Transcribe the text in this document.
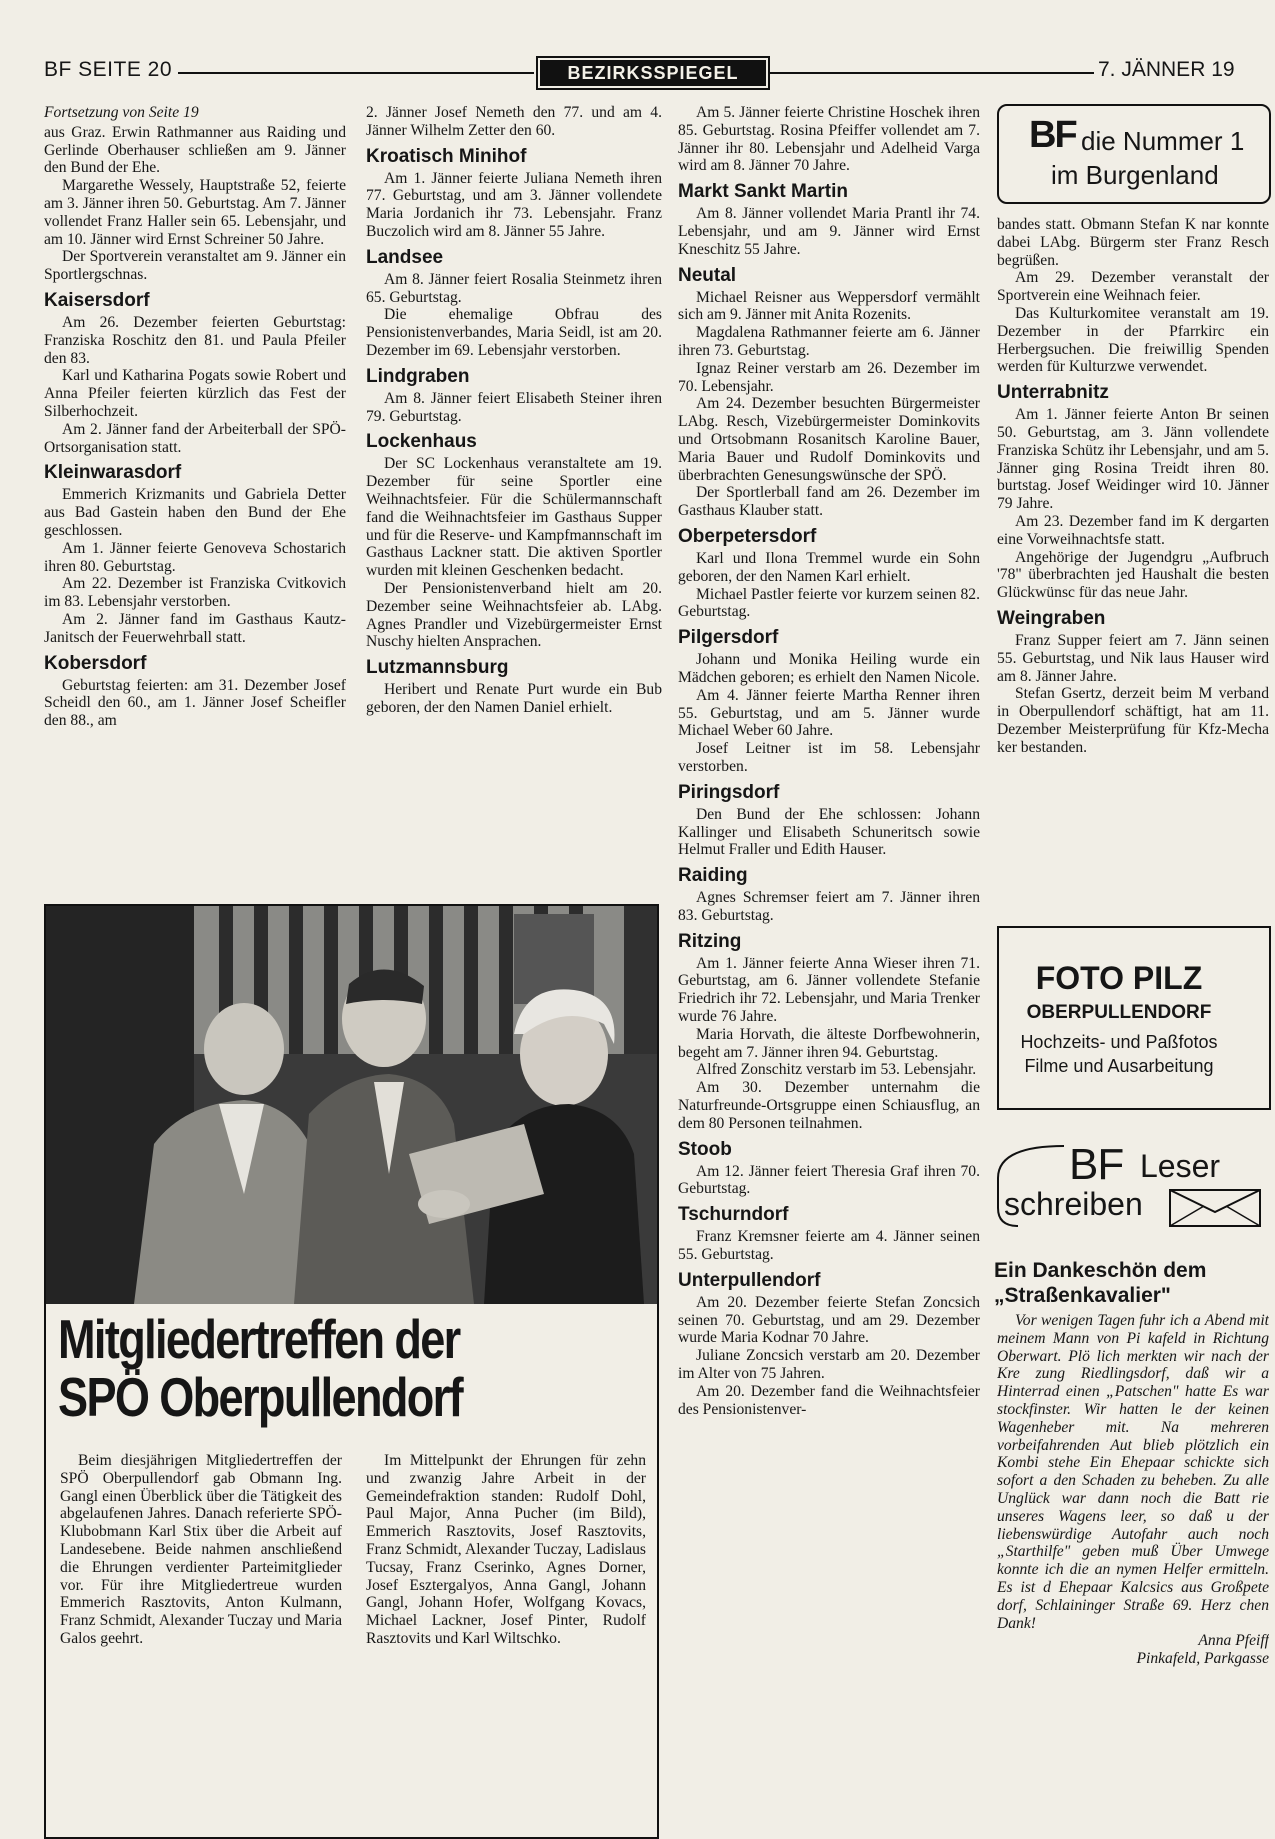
BF SEITE 20	BEZIRKSSPIEGEL	7. JÄNNER 19

Fortsetzung von Seite 19

aus Graz. Erwin Rathmanner aus Raiding und Gerlinde Oberhauser schließen am 9. Jänner den Bund der Ehe.

Margarethe Wessely, Hauptstraße 52, feierte am 3. Jänner ihren 50. Geburtstag. Am 7. Jänner vollendet Franz Haller sein 65. Lebensjahr, und am 10. Jänner wird Ernst Schreiner 50 Jahre.

Der Sportverein veranstaltet am 9. Jänner ein Sportlergschnas.

Kaisersdorf

Am 26. Dezember feierten Geburtstag: Franziska Roschitz den 81. und Paula Pfeiler den 83.

Karl und Katharina Pogats sowie Robert und Anna Pfeiler feierten kürzlich das Fest der Silberhochzeit.

Am 2. Jänner fand der Arbeiterball der SPÖ-Ortsorganisation statt.

Kleinwarasdorf

Emmerich Krizmanits und Gabriela Detter aus Bad Gastein haben den Bund der Ehe geschlossen.

Am 1. Jänner feierte Genoveva Schostarich ihren 80. Geburtstag.

Am 22. Dezember ist Franziska Cvitkovich im 83. Lebensjahr verstorben.

Am 2. Jänner fand im Gasthaus Kautz-Janitsch der Feuerwehrball statt.

Kobersdorf

Geburtstag feierten: am 31. Dezember Josef Scheidl den 60., am 1. Jänner Josef Scheifler den 88., am

2. Jänner Josef Nemeth den 77. und am 4. Jänner Wilhelm Zetter den 60.

Kroatisch Minihof

Am 1. Jänner feierte Juliana Nemeth ihren 77. Geburtstag, und am 3. Jänner vollendete Maria Jordanich ihr 73. Lebensjahr. Franz Buczolich wird am 8. Jänner 55 Jahre.

Landsee

Am 8. Jänner feiert Rosalia Steinmetz ihren 65. Geburtstag.

Die ehemalige Obfrau des Pensionistenverbandes, Maria Seidl, ist am 20. Dezember im 69. Lebensjahr verstorben.

Lindgraben

Am 8. Jänner feiert Elisabeth Steiner ihren 79. Geburtstag.

Lockenhaus

Der SC Lockenhaus veranstaltete am 19. Dezember für seine Sportler eine Weihnachtsfeier. Für die Schülermannschaft fand die Weihnachtsfeier im Gasthaus Supper und für die Reserve- und Kampfmannschaft im Gasthaus Lackner statt. Die aktiven Sportler wurden mit kleinen Geschenken bedacht.

Der Pensionistenverband hielt am 20. Dezember seine Weihnachtsfeier ab. LAbg. Agnes Prandler und Vizebürgermeister Ernst Nuschy hielten Ansprachen.

Lutzmannsburg

Heribert und Renate Purt wurde ein Bub geboren, der den Namen Daniel erhielt.

Am 5. Jänner feierte Christine Hoschek ihren 85. Geburtstag. Rosina Pfeiffer vollendet am 7. Jänner ihr 80. Lebensjahr und Adelheid Varga wird am 8. Jänner 70 Jahre.

Markt Sankt Martin

Am 8. Jänner vollendet Maria Prantl ihr 74. Lebensjahr, und am 9. Jänner wird Ernst Kneschitz 55 Jahre.

Neutal

Michael Reisner aus Weppersdorf vermählt sich am 9. Jänner mit Anita Rozenits.

Magdalena Rathmanner feierte am 6. Jänner ihren 73. Geburtstag.

Ignaz Reiner verstarb am 26. Dezember im 70. Lebensjahr.

Am 24. Dezember besuchten Bürgermeister LAbg. Resch, Vizebürgermeister Dominkovits und Ortsobmann Rosanitsch Karoline Bauer, Maria Bauer und Rudolf Dominkovits und überbrachten Genesungswünsche der SPÖ.

Der Sportlerball fand am 26. Dezember im Gasthaus Klauber statt.

Oberpetersdorf

Karl und Ilona Tremmel wurde ein Sohn geboren, der den Namen Karl erhielt.

Michael Pastler feierte vor kurzem seinen 82. Geburtstag.

Pilgersdorf

Johann und Monika Heiling wurde ein Mädchen geboren; es erhielt den Namen Nicole.

Am 4. Jänner feierte Martha Renner ihren 55. Geburtstag, und am 5. Jänner wurde Michael Weber 60 Jahre.

Josef Leitner ist im 58. Lebensjahr verstorben.

Piringsdorf

Den Bund der Ehe schlossen: Johann Kallinger und Elisabeth Schuneritsch sowie Helmut Fraller und Edith Hauser.

Raiding

Agnes Schremser feiert am 7. Jänner ihren 83. Geburtstag.

Ritzing

Am 1. Jänner feierte Anna Wieser ihren 71. Geburtstag, am 6. Jänner vollendete Stefanie Friedrich ihr 72. Lebensjahr, und Maria Trenker wurde 76 Jahre.

Maria Horvath, die älteste Dorfbewohnerin, begeht am 7. Jänner ihren 94. Geburtstag.

Alfred Zonschitz verstarb im 53. Lebensjahr.

Am 30. Dezember unternahm die Naturfreunde-Ortsgruppe einen Schiausflug, an dem 80 Personen teilnahmen.

Stoob

Am 12. Jänner feiert Theresia Graf ihren 70. Geburtstag.

Tschurndorf

Franz Kremsner feierte am 4. Jänner seinen 55. Geburtstag.

Unterpullendorf

Am 20. Dezember feierte Stefan Zoncsich seinen 70. Geburtstag, und am 29. Dezember wurde Maria Kodnar 70 Jahre.

Juliane Zoncsich verstarb am 20. Dezember im Alter von 75 Jahren.

Am 20. Dezember fand die Weihnachtsfeier des Pensionistenver-

BF die Nummer 1
im Burgenland

bandes statt. Obmann Stefan K nar konnte dabei LAbg. Bürgerm ster Franz Resch begrüßen.

Am 29. Dezember veranstalt der Sportverein eine Weihnach feier.

Das Kulturkomitee veranstalt am 19. Dezember in der Pfarrkirc ein Herbergsuchen. Die freiwillig Spenden werden für Kulturzwe verwendet.

Unterrabnitz

Am 1. Jänner feierte Anton Br seinen 50. Geburtstag, am 3. Jänn vollendete Franziska Schütz ihr Lebensjahr, und am 5. Jänner ging Rosina Treidt ihren 80. burtstag. Josef Weidinger wird 10. Jänner 79 Jahre.

Am 23. Dezember fand im K dergarten eine Vorweihnachtsfe statt.

Angehörige der Jugendgru „Aufbruch '78" überbrachten jed Haushalt die besten Glückwünsc für das neue Jahr.

Weingraben

Franz Supper feiert am 7. Jänn seinen 55. Geburtstag, und Nik laus Hauser wird am 8. Jänner Jahre.

Stefan Gsertz, derzeit beim M verband in Oberpullendorf schäftigt, hat am 11. Dezember Meisterprüfung für Kfz-Mecha ker bestanden.

FOTO PILZ
OBERPULLENDORF
Hochzeits- und Paßfotos
Filme und Ausarbeitung
BF Leser
schreiben
Ein Dankeschön dem „Straßenkavalier"

Vor wenigen Tagen fuhr ich a Abend mit meinem Mann von Pi kafeld in Richtung Oberwart. Plö lich merkten wir nach der Kre zung Riedlingsdorf, daß wir a Hinterrad einen „Patschen" hatte Es war stockfinster. Wir hatten le der keinen Wagenheber mit. Na mehreren vorbeifahrenden Aut blieb plötzlich ein Kombi stehe Ein Ehepaar schickte sich sofort a den Schaden zu beheben. Zu alle Unglück war dann noch die Batt rie unseres Wagens leer, so daß u der liebenswürdige Autofahr auch noch „Starthilfe" geben muß Über Umwege konnte ich die an nymen Helfer ermitteln. Es ist d Ehepaar Kalcsics aus Großpete dorf, Schlaininger Straße 69. Herz chen Dank!

Anna Pfeiff

Pinkafeld, Parkgasse

Mitgliedertreffen der
SPÖ Oberpullendorf

Beim diesjährigen Mitgliedertreffen der SPÖ Oberpullendorf gab Obmann Ing. Gangl einen Überblick über die Tätigkeit des abgelaufenen Jahres. Danach referierte SPÖ-Klubobmann Karl Stix über die Arbeit auf Landesebene. Beide nahmen anschließend die Ehrungen verdienter Parteimitglieder vor. Für ihre Mitgliedertreue wurden Emmerich Rasztovits, Anton Kulmann, Franz Schmidt, Alexander Tuczay und Maria Galos geehrt.

Im Mittelpunkt der Ehrungen für zehn und zwanzig Jahre Arbeit in der Gemeindefraktion standen: Rudolf Dohl, Paul Major, Anna Pucher (im Bild), Emmerich Rasztovits, Josef Rasztovits, Franz Schmidt, Alexander Tuczay, Ladislaus Tucsay, Franz Cserinko, Agnes Dorner, Josef Esztergalyos, Anna Gangl, Johann Gangl, Johann Hofer, Wolfgang Kovacs, Michael Lackner, Josef Pinter, Rudolf Rasztovits und Karl Wiltschko.
